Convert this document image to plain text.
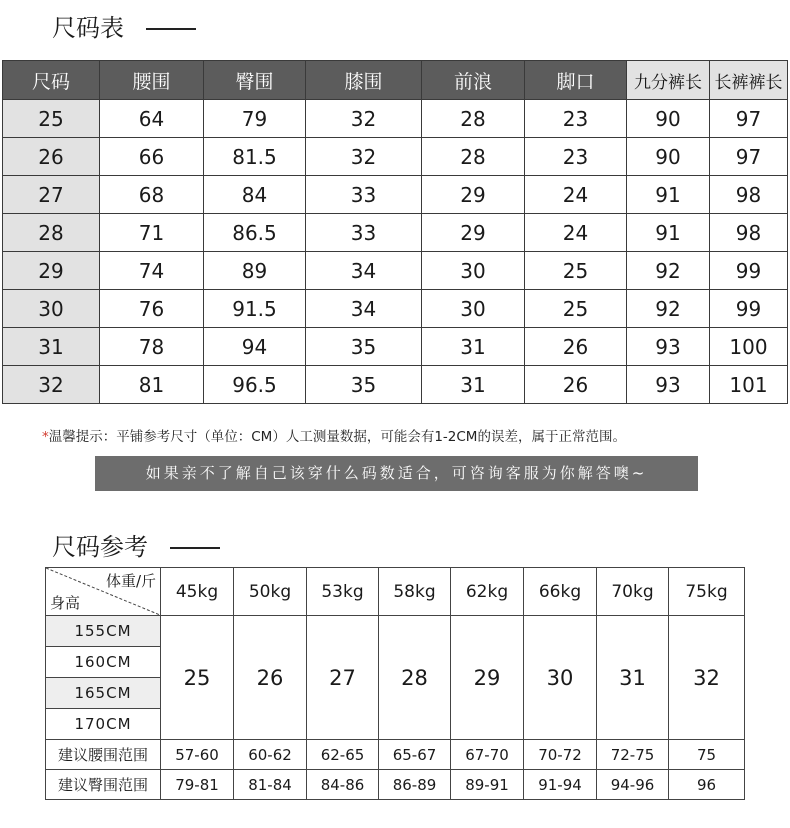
尺码表
尺码	腰围	臀围	膝围	前浪	脚口	九分裤长	长裤裤长
25	64	79	32	28	23	90	97
26	66	81.5	32	28	23	90	97
27	68	84	33	29	24	91	98
28	71	86.5	33	29	24	91	98
29	74	89	34	30	25	92	99
30	76	91.5	34	30	25	92	99
31	78	94	35	31	26	93	100
32	81	96.5	35	31	26	93	101
*温馨提示：平铺参考尺寸（单位：CM）人工测量数据，可能会有1-2CM的误差，属于正常范围。
如果亲不了解自己该穿什么码数适合，可咨询客服为你解答噢~
尺码参考
体重/斤
身高	45kg	50kg	53kg	58kg	62kg	66kg	70kg	75kg
155CM	25	26	27	28	29	30	31	32
160CM								
165CM								
170CM								
建议腰围范围	57-60	60-62	62-65	65-67	67-70	70-72	72-75	75
建议臀围范围	79-81	81-84	84-86	86-89	89-91	91-94	94-96	96
